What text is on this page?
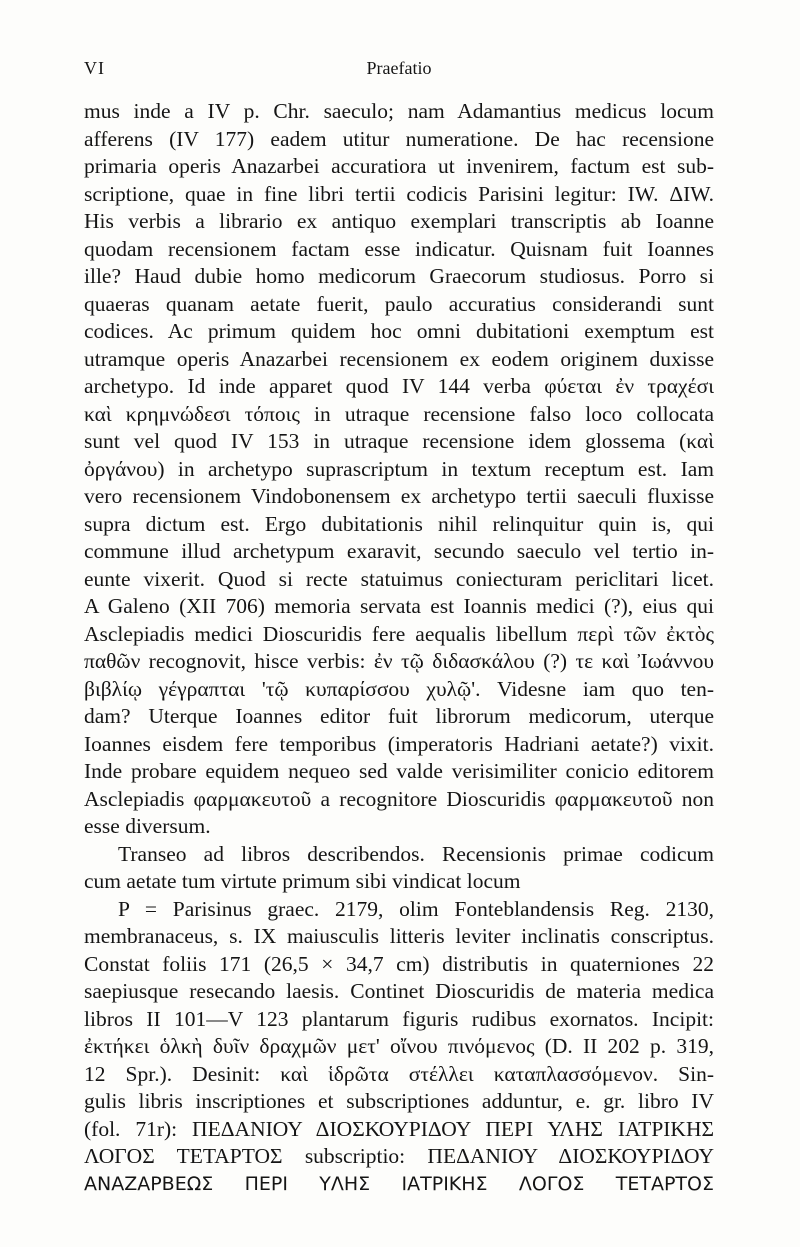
VI	Praefatio
mus inde a IV p. Chr. saeculo; nam Adamantius medicus locum
afferens (IV 177) eadem utitur numeratione. De hac recensione
primaria operis Anazarbei accuratiora ut invenirem, factum est sub-
scriptione, quae in fine libri tertii codicis Parisini legitur: IW. ΔIW.
His verbis a librario ex antiquo exemplari transcriptis ab Ioanne
quodam recensionem factam esse indicatur. Quisnam fuit Ioannes
ille? Haud dubie homo medicorum Graecorum studiosus. Porro si
quaeras quanam aetate fuerit, paulo accuratius considerandi sunt
codices. Ac primum quidem hoc omni dubitationi exemptum est
utramque operis Anazarbei recensionem ex eodem originem duxisse
archetypo. Id inde apparet quod IV 144 verba φύεται ἐν τραχέσι
καὶ κρημνώδεσι τόποις in utraque recensione falso loco collocata
sunt vel quod IV 153 in utraque recensione idem glossema (καὶ
ὀργάνου) in archetypo suprascriptum in textum receptum est. Iam
vero recensionem Vindobonensem ex archetypo tertii saeculi fluxisse
supra dictum est. Ergo dubitationis nihil relinquitur quin is, qui
commune illud archetypum exaravit, secundo saeculo vel tertio in-
eunte vixerit. Quod si recte statuimus coniecturam periclitari licet.
A Galeno (XII 706) memoria servata est Ioannis medici (?), eius qui
Asclepiadis medici Dioscuridis fere aequalis libellum περὶ τῶν ἐκτὸς
παθῶν recognovit, hisce verbis: ἐν τῷ διδασκάλου (?) τε καὶ Ἰωάννου
βιβλίῳ γέγραπται 'τῷ κυπαρίσσου χυλῷ'. Videsne iam quo ten-
dam? Uterque Ioannes editor fuit librorum medicorum, uterque
Ioannes eisdem fere temporibus (imperatoris Hadriani aetate?) vixit.
Inde probare equidem nequeo sed valde verisimiliter conicio editorem
Asclepiadis φαρμακευτοῦ a recognitore Dioscuridis φαρμακευτοῦ non
esse diversum.
Transeo ad libros describendos. Recensionis primae codicum
cum aetate tum virtute primum sibi vindicat locum
P = Parisinus graec. 2179, olim Fonteblandensis Reg. 2130,
membranaceus, s. IX maiusculis litteris leviter inclinatis conscriptus.
Constat foliis 171 (26,5 × 34,7 cm) distributis in quaterniones 22
saepiusque resecando laesis. Continet Dioscuridis de materia medica
libros II 101—V 123 plantarum figuris rudibus exornatos. Incipit:
ἐκτήκει ὁλκὴ δυῖν δραχμῶν μετ' οἴνου πινόμενος (D. II 202 p. 319,
12 Spr.). Desinit: καὶ ἱδρῶτα στέλλει καταπλασσόμενον. Sin-
gulis libris inscriptiones et subscriptiones adduntur, e. gr. libro IV
(fol. 71r): ΠΕΔΑΝΙΟΥ ΔΙΟΣΚΟΥΡΙΔΟΥ ΠΕΡΙ ΥΛΗΣ ΙΑΤΡΙΚΗΣ
ΛΟΓΟΣ ΤΕΤΑΡΤΟΣ subscriptio: ΠΕΔΑΝΙΟΥ ΔΙΟΣΚΟΥΡΙΔΟΥ
ΑΝΑΖΑΡΒΕΩΣ ΠΕΡΙ ΥΛΗΣ ΙΑΤΡΙΚΗΣ ΛΟΓΟΣ ΤΕΤΑΡΤΟΣ
